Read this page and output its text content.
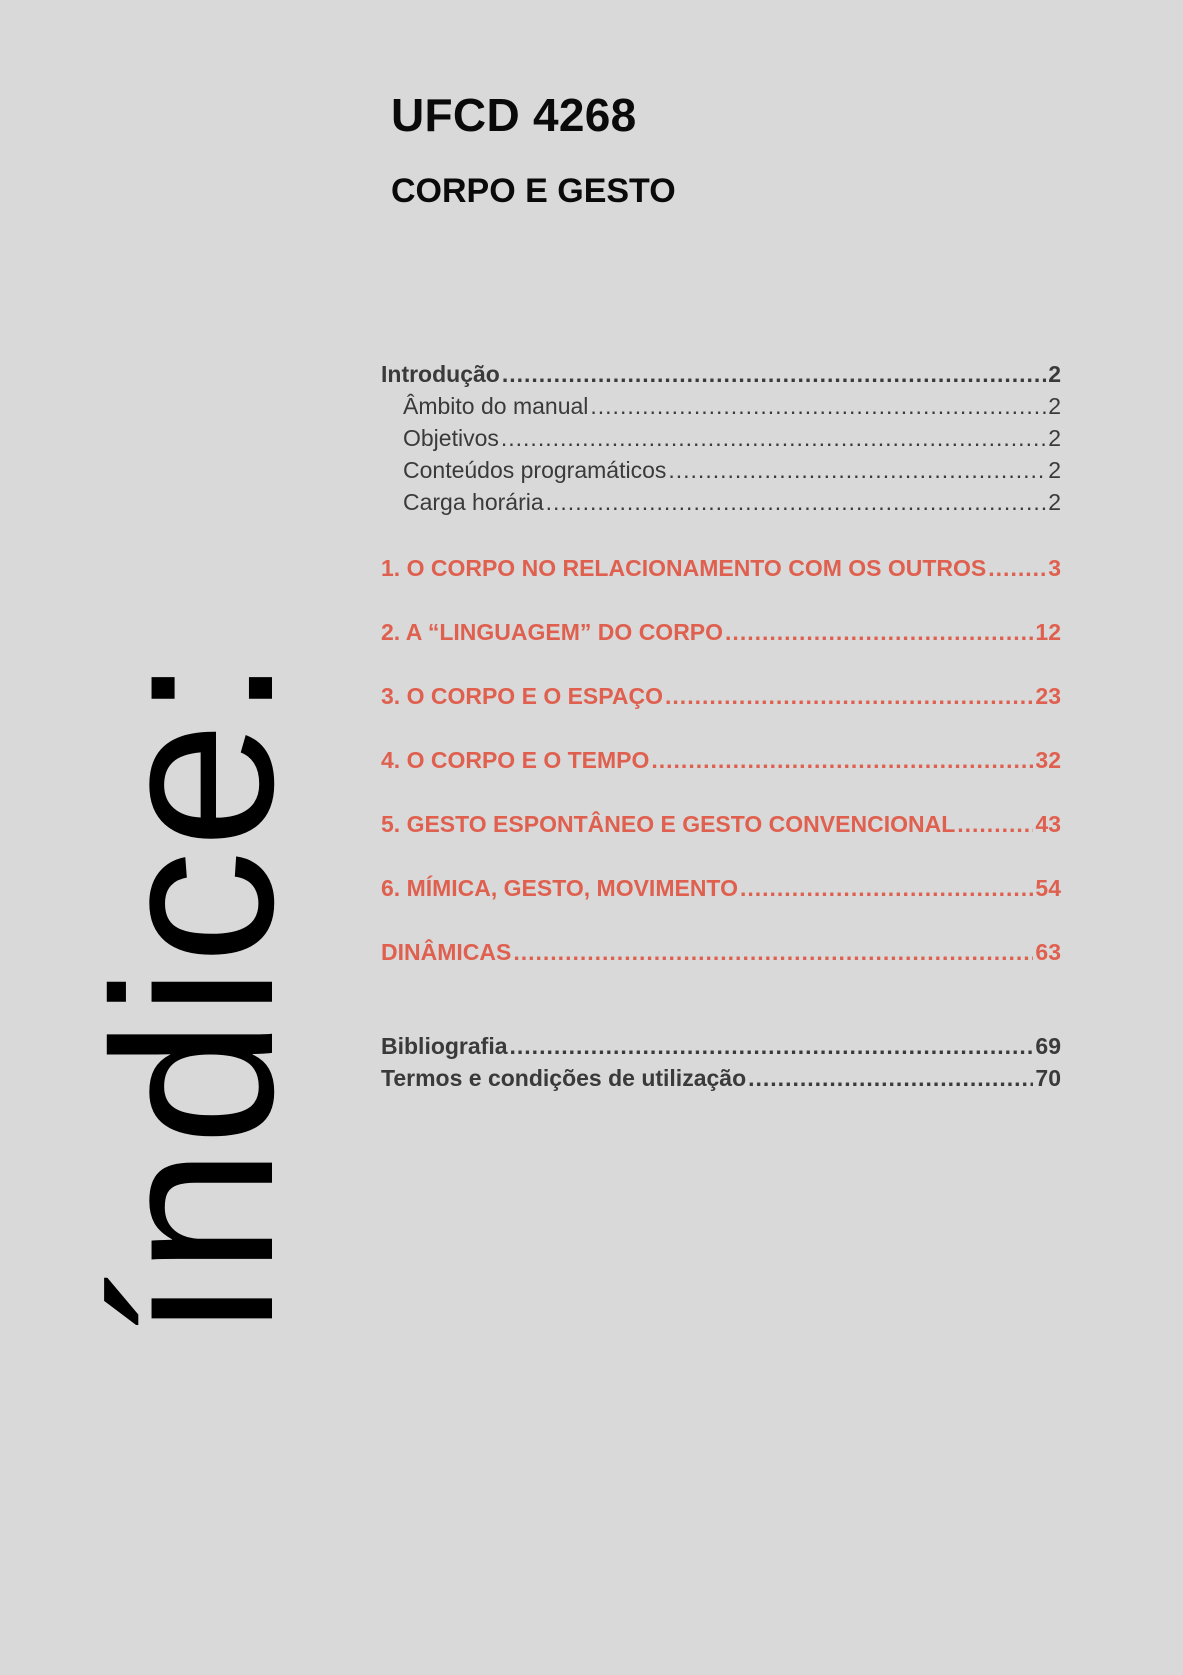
UFCD 4268
CORPO E GESTO
índice:
Introdução .....	2
Âmbito do manual .....	2
Objetivos .....	2
Conteúdos programáticos .....	2
Carga horária .....	2
1. O CORPO NO RELACIONAMENTO COM OS OUTROS .....	3
2. A “LINGUAGEM” DO CORPO .....	12
3. O CORPO E O ESPAÇO .....	23
4. O CORPO E O TEMPO .....	32
5. GESTO ESPONTÂNEO E GESTO CONVENCIONAL .....	43
6. MÍMICA, GESTO, MOVIMENTO .....	54
DINÂMICAS .....	63
Bibliografia .....	69
Termos e condições de utilização .....	70
